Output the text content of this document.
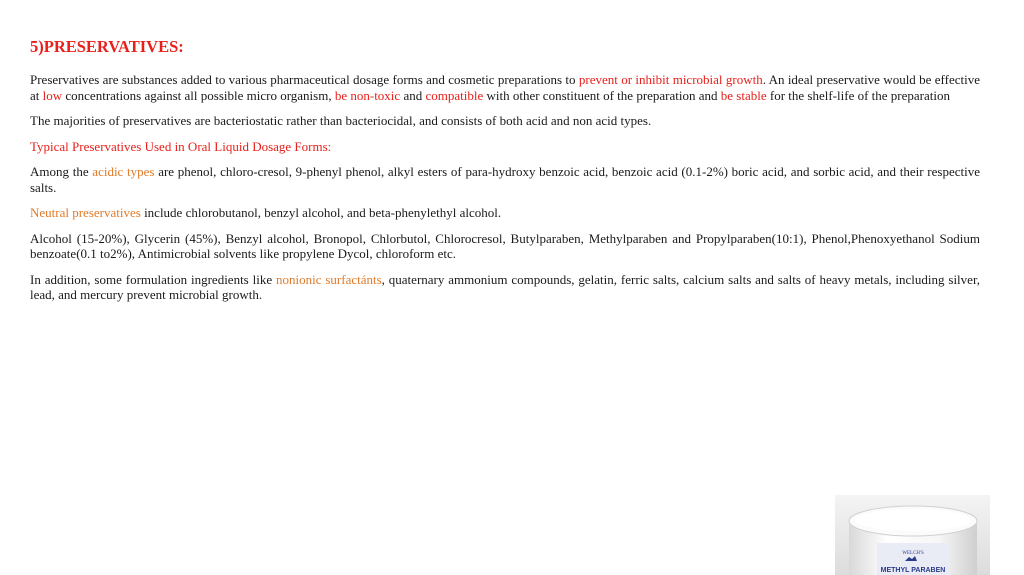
5)PRESERVATIVES:

Preservatives are substances added to various pharmaceutical dosage forms and cosmetic preparations to prevent or inhibit microbial growth. An ideal preservative would be effective at low concentrations against all possible micro organism, be non-toxic and compatible with other constituent of the preparation and be stable for the shelf-life of the preparation

The majorities of preservatives are bacteriostatic rather than bacteriocidal, and consists of both acid and non acid types.

Typical Preservatives Used in Oral Liquid Dosage Forms:

Among the acidic types are phenol, chloro-cresol, 9-phenyl phenol, alkyl esters of para-hydroxy benzoic acid, benzoic acid (0.1-2%) boric acid, and sorbic acid, and their respective salts.

Neutral preservatives include chlorobutanol, benzyl alcohol, and beta-phenylethyl alcohol.

Alcohol (15-20%), Glycerin (45%), Benzyl alcohol, Bronopol, Chlorbutol, Chlorocresol, Butylparaben, Methylparaben and Propylparaben(10:1), Phenol,Phenoxyethanol Sodium benzoate(0.1 to2%), Antimicrobial solvents like propylene Dycol, chloroform etc.

In addition, some formulation ingredients like nonionic surfactánts, quaternary ammonium compounds, gelatin, ferric salts, calcium salts and salts of heavy metals, including silver, lead, and mercury prevent microbial growth.

WELCH'S
METHYL PARABEN
